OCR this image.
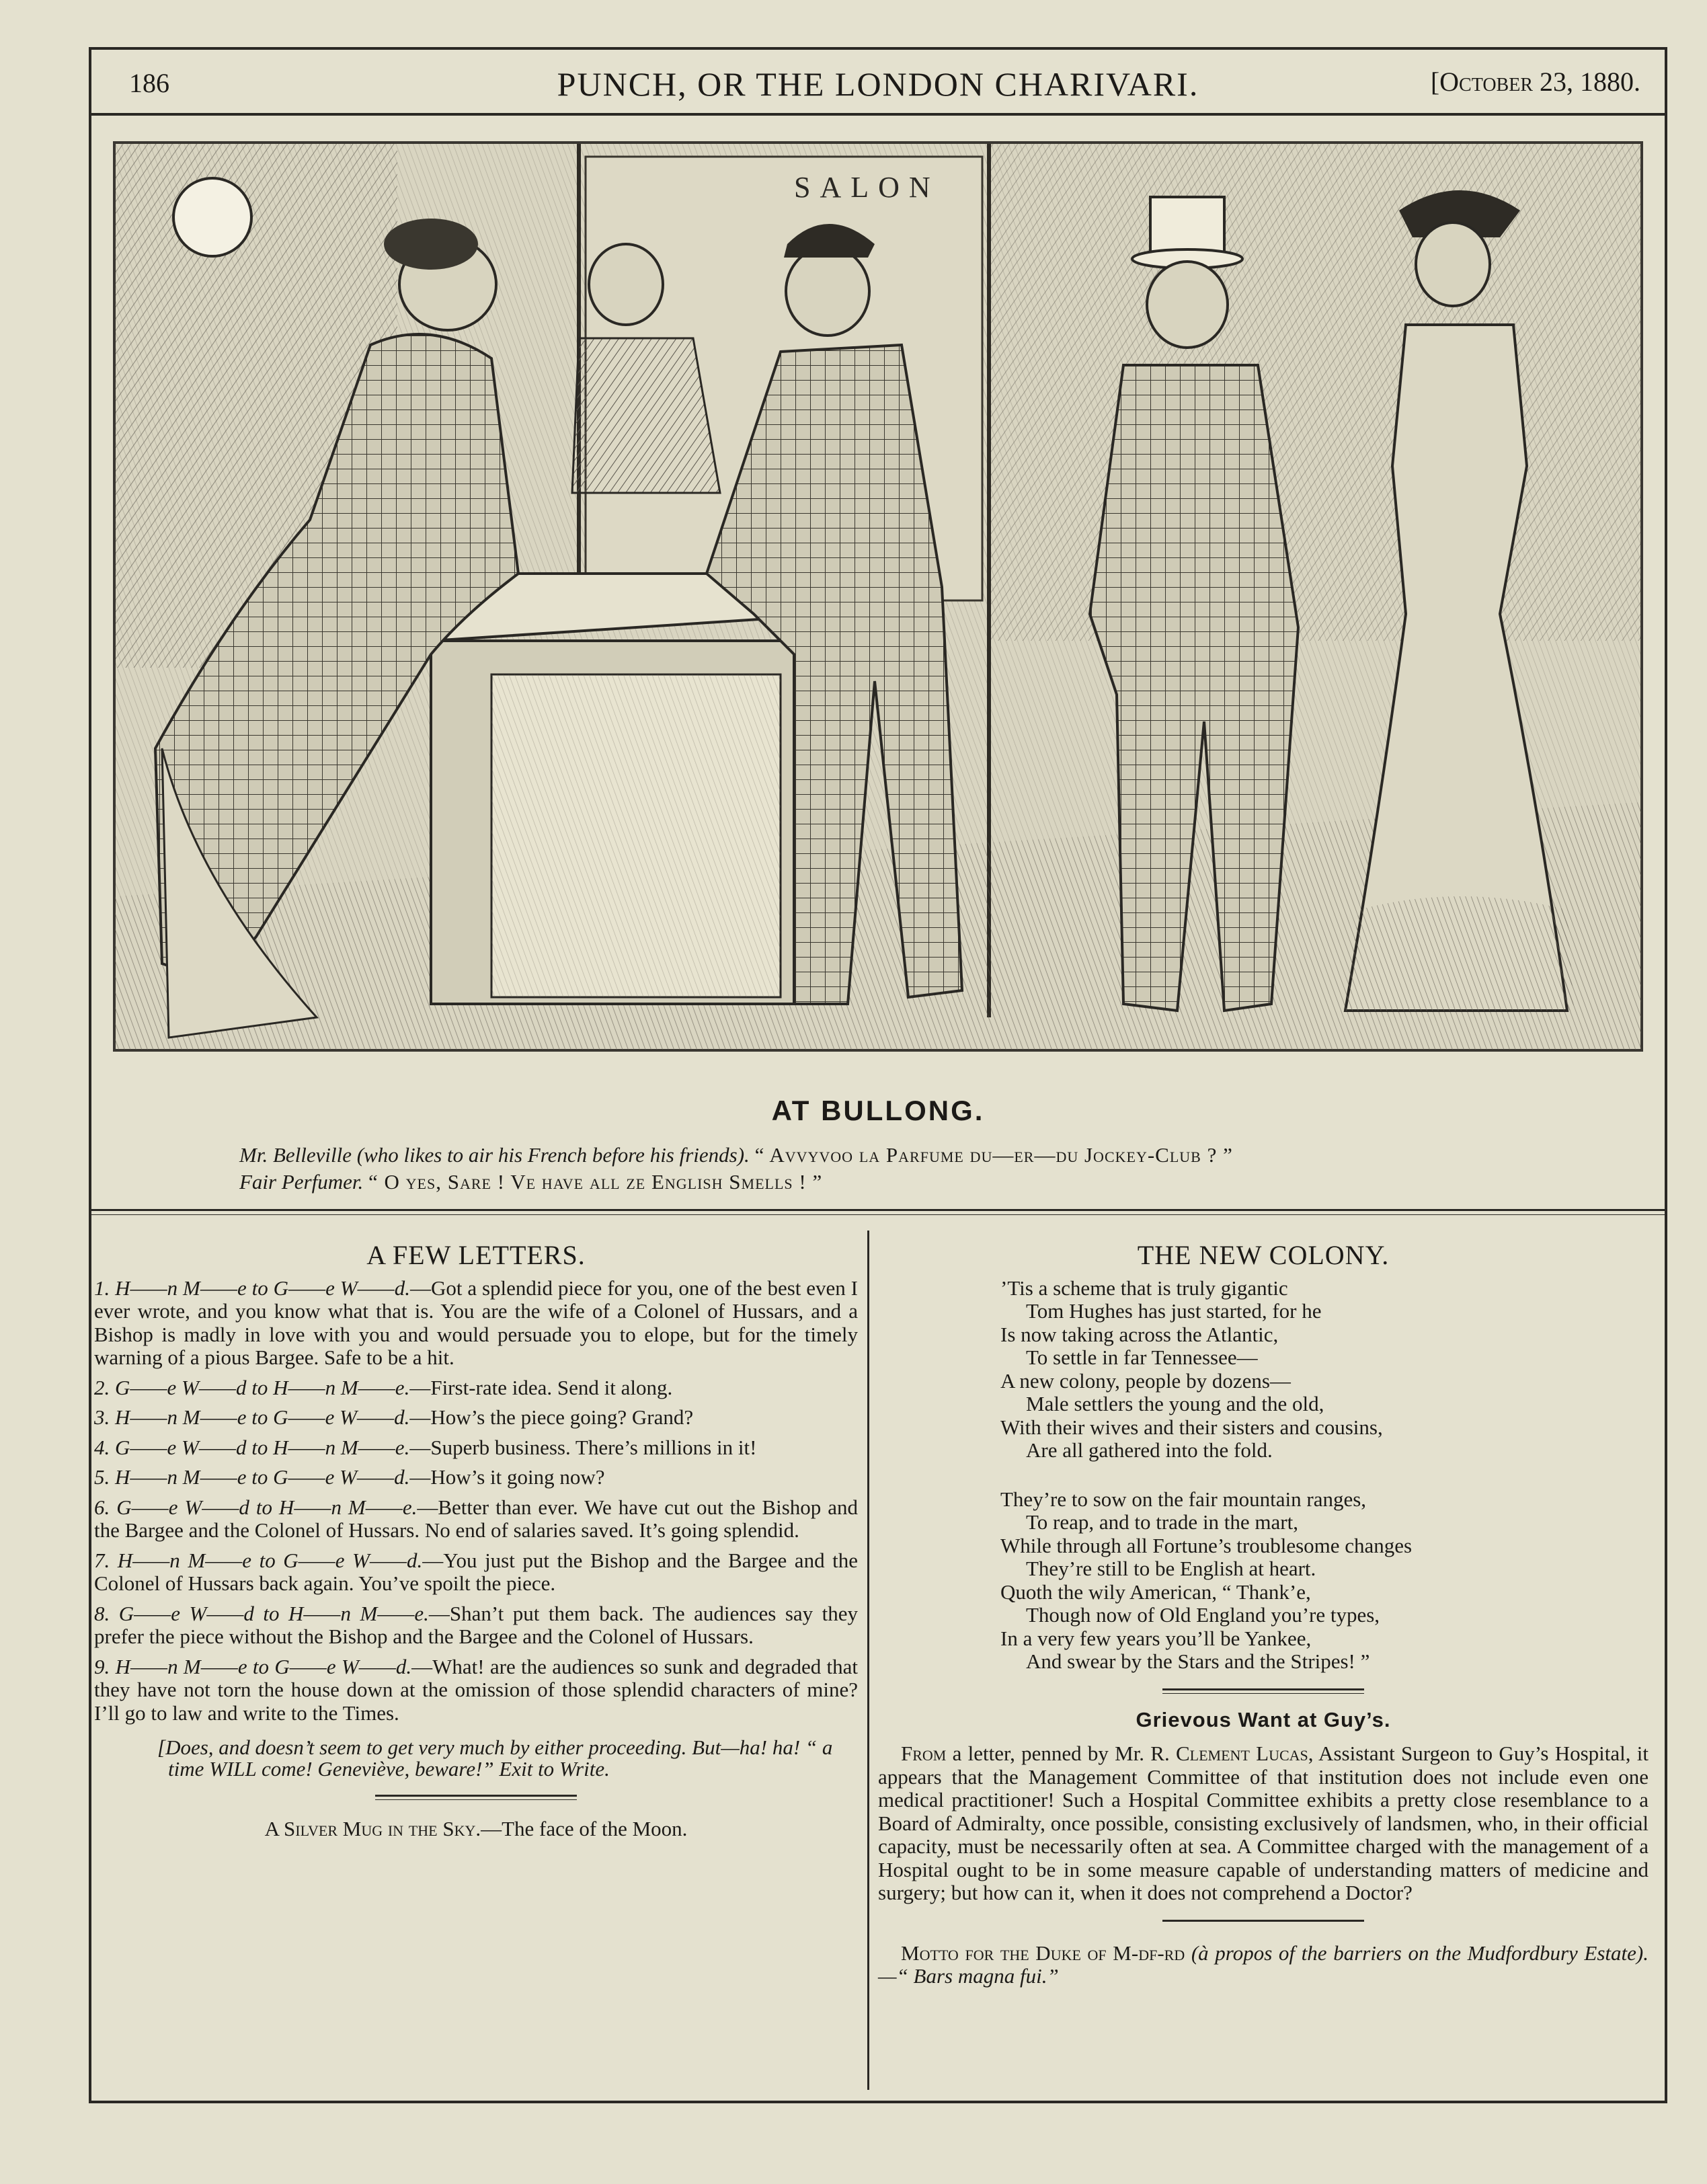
186	PUNCH, OR THE LONDON CHARIVARI.	[October 23, 1880.
SALON
AT BULLONG.
Mr. Belleville (who likes to air his French before his friends). “ Avvyvoo la Parfume du—er—du Jockey-Club ? ”
Fair Perfumer. “ O yes, Sare ! Ve have all ze English Smells ! ”
A FEW LETTERS.
1. H——n M——e to G——e W——d.—Got a splendid piece for you, one of the best even I ever wrote, and you know what that is. You are the wife of a Colonel of Hussars, and a Bishop is madly in love with you and would persuade you to elope, but for the timely warning of a pious Bargee. Safe to be a hit.
2. G——e W——d to H——n M——e.—First-rate idea. Send it along.
3. H——n M——e to G——e W——d.—How’s the piece going? Grand?
4. G——e W——d to H——n M——e.—Superb business. There’s millions in it!
5. H——n M——e to G——e W——d.—How’s it going now?
6. G——e W——d to H——n M——e.—Better than ever. We have cut out the Bishop and the Bargee and the Colonel of Hussars. No end of salaries saved. It’s going splendid.
7. H——n M——e to G——e W——d.—You just put the Bishop and the Bargee and the Colonel of Hussars back again. You’ve spoilt the piece.
8. G——e W——d to H——n M——e.—Shan’t put them back. The audiences say they prefer the piece without the Bishop and the Bargee and the Colonel of Hussars.
9. H——n M——e to G——e W——d.—What! are the audiences so sunk and degraded that they have not torn the house down at the omission of those splendid characters of mine? I’ll go to law and write to the Times.
[Does, and doesn’t seem to get very much by either proceeding. But—ha! ha! “ a time WILL come! Geneviève, beware!” Exit to Write.
A Silver Mug in the Sky.—The face of the Moon.
THE NEW COLONY.
’Tis a scheme that is truly gigantic
Tom Hughes has just started, for he
Is now taking across the Atlantic,
To settle in far Tennessee—
A new colony, people by dozens—
Male settlers the young and the old,
With their wives and their sisters and cousins,
Are all gathered into the fold.
They’re to sow on the fair mountain ranges,
To reap, and to trade in the mart,
While through all Fortune’s troublesome changes
They’re still to be English at heart.
Quoth the wily American, “ Thank’e,
Though now of Old England you’re types,
In a very few years you’ll be Yankee,
And swear by the Stars and the Stripes! ”
Grievous Want at Guy’s.
From a letter, penned by Mr. R. Clement Lucas, Assistant Surgeon to Guy’s Hospital, it appears that the Management Committee of that institution does not include even one medical practitioner! Such a Hospital Committee exhibits a pretty close resemblance to a Board of Admiralty, once possible, consisting exclusively of landsmen, who, in their official capacity, must be necessarily often at sea. A Committee charged with the management of a Hospital ought to be in some measure capable of understanding matters of medicine and surgery; but how can it, when it does not comprehend a Doctor?
Motto for the Duke of M-df-rd (à propos of the barriers on the Mudfordbury Estate).—“ Bars magna fui.”
